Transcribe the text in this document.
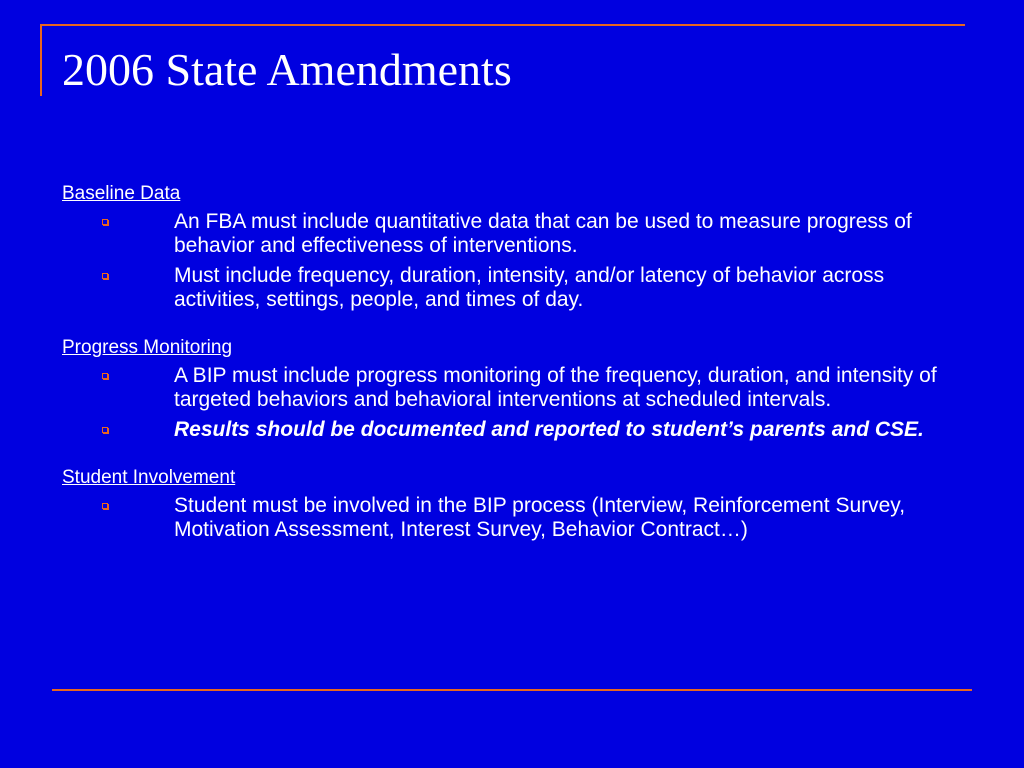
2006 State Amendments
Baseline Data
An FBA must include quantitative data that can be used to measure progress of behavior and effectiveness of interventions.
Must include frequency, duration, intensity, and/or latency of behavior across activities, settings, people, and times of day.
Progress Monitoring
A BIP must include progress monitoring of the frequency, duration, and intensity of targeted behaviors and behavioral interventions at scheduled intervals.
Results should be documented and reported to student’s parents and CSE.
Student Involvement
Student must be involved in the BIP process (Interview, Reinforcement Survey, Motivation Assessment, Interest Survey, Behavior Contract…)
